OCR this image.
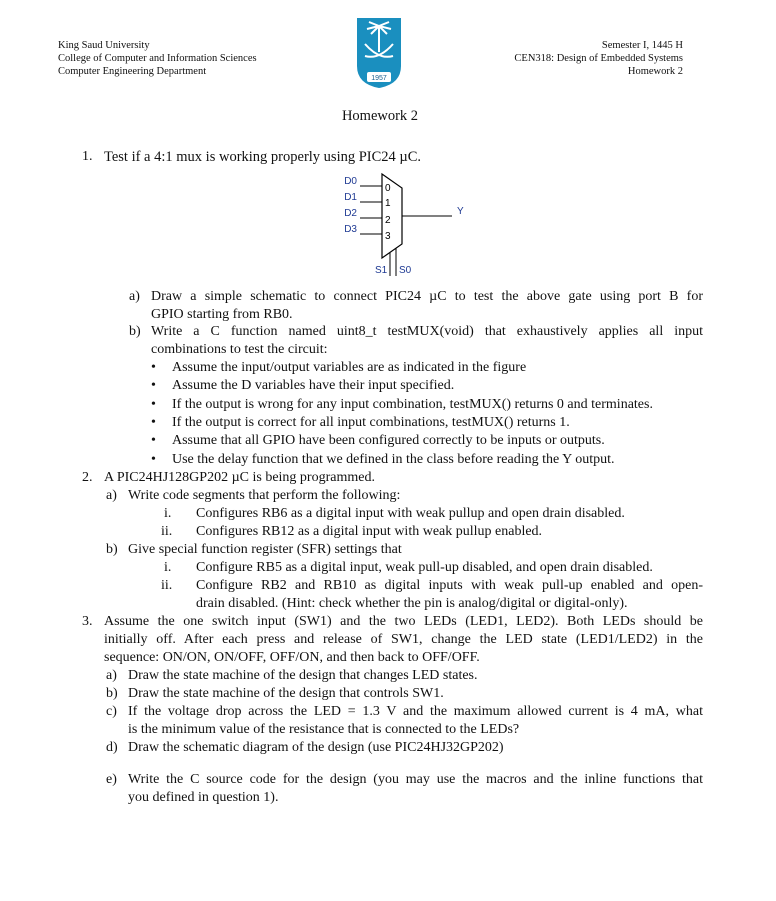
King Saud University
College of Computer and Information Sciences
Computer Engineering Department
1957
Semester I, 1445 H
CEN318: Design of Embedded Systems
Homework 2
Homework 2
1. Test if a 4:1 mux is working properly using PIC24 µC.
D0
D1
D2
D3
0
1
2
3
Y
S1 S0
a) Draw a simple schematic to connect PIC24 µC to test the above gate using port B for
GPIO starting from RB0.
b) Write a C function named uint8_t testMUX(void) that exhaustively applies all input
combinations to test the circuit:
• Assume the input/output variables are as indicated in the figure
• Assume the D variables have their input specified.
• If the output is wrong for any input combination, testMUX() returns 0 and terminates.
• If the output is correct for all input combinations, testMUX() returns 1.
• Assume that all GPIO have been configured correctly to be inputs or outputs.
• Use the delay function that we defined in the class before reading the Y output.
2. A PIC24HJ128GP202 µC is being programmed.
a) Write code segments that perform the following:
i. Configures RB6 as a digital input with weak pullup and open drain disabled.
ii. Configures RB12 as a digital input with weak pullup enabled.
b) Give special function register (SFR) settings that
i. Configure RB5 as a digital input, weak pull-up disabled, and open drain disabled.
ii. Configure RB2 and RB10 as digital inputs with weak pull-up enabled and open-
drain disabled. (Hint: check whether the pin is analog/digital or digital-only).
3. Assume the one switch input (SW1) and the two LEDs (LED1, LED2). Both LEDs should be
initially off. After each press and release of SW1, change the LED state (LED1/LED2) in the
sequence: ON/ON, ON/OFF, OFF/ON, and then back to OFF/OFF.
a) Draw the state machine of the design that changes LED states.
b) Draw the state machine of the design that controls SW1.
c) If the voltage drop across the LED = 1.3 V and the maximum allowed current is 4 mA, what
is the minimum value of the resistance that is connected to the LEDs?
d) Draw the schematic diagram of the design (use PIC24HJ32GP202)
e) Write the C source code for the design (you may use the macros and the inline functions that
you defined in question 1).
